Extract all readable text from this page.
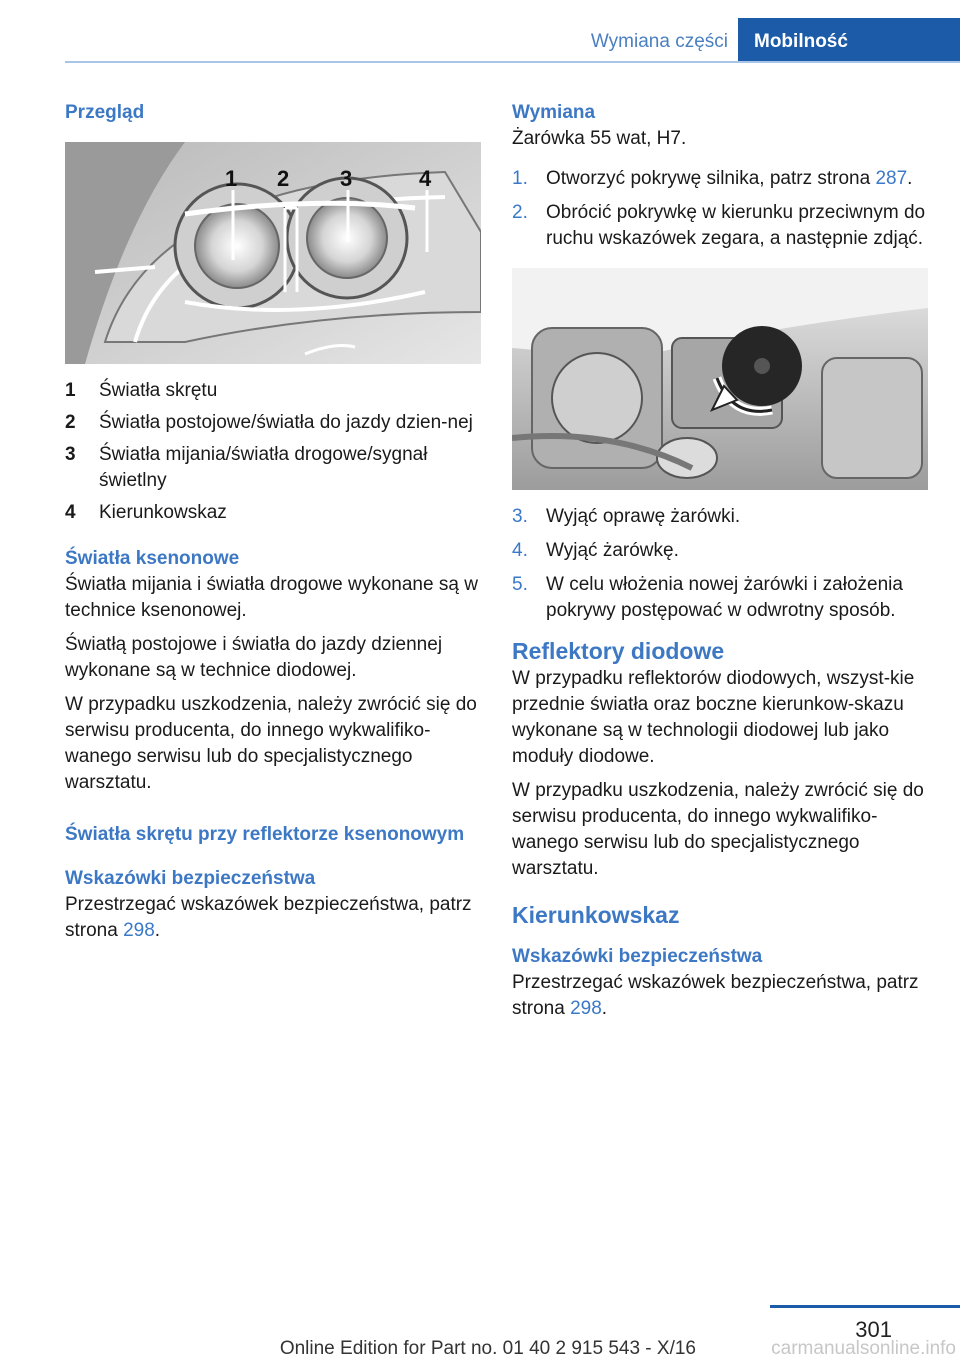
Wymiana części	Mobilność
Przegląd
1 2 3	4
1	Światła skrętu
2	Światła postojowe/światła do jazdy dzien-nej
3	Światła mijania/światła drogowe/sygnał świetlny
4	Kierunkowskaz
Światła ksenonowe

Światła mijania i światła drogowe wykonane są w technice ksenonowej.

Światłą postojowe i światła do jazdy dziennej wykonane są w technice diodowej.

W przypadku uszkodzenia, należy zwrócić się do serwisu producenta, do innego wykwalifiko-wanego serwisu lub do specjalistycznego warsztatu.

Światła skrętu przy reflektorze ksenonowym
Wskazówki bezpieczeństwa

Przestrzegać wskazówek bezpieczeństwa, patrz strona 298.

Wymiana

Żarówka 55 wat, H7.

1. Otworzyć pokrywę silnika, patrz strona 287.
2. Obrócić pokrywkę w kierunku przeciwnym do ruchu wskazówek zegara, a następnie zdjąć.
3. Wyjąć oprawę żarówki.
4. Wyjąć żarówkę.
5. W celu włożenia nowej żarówki i założenia pokrywy postępować w odwrotny sposób.
Reflektory diodowe

W przypadku reflektorów diodowych, wszyst-kie przednie światła oraz boczne kierunkow-skazu wykonane są w technologii diodowej lub jako moduły diodowe.

W przypadku uszkodzenia, należy zwrócić się do serwisu producenta, do innego wykwalifiko-wanego serwisu lub do specjalistycznego warsztatu.

Kierunkowskaz
Wskazówki bezpieczeństwa

Przestrzegać wskazówek bezpieczeństwa, patrz strona 298.

301
Online Edition for Part no. 01 40 2 915 543 - X/16	carmanualsonline.info
